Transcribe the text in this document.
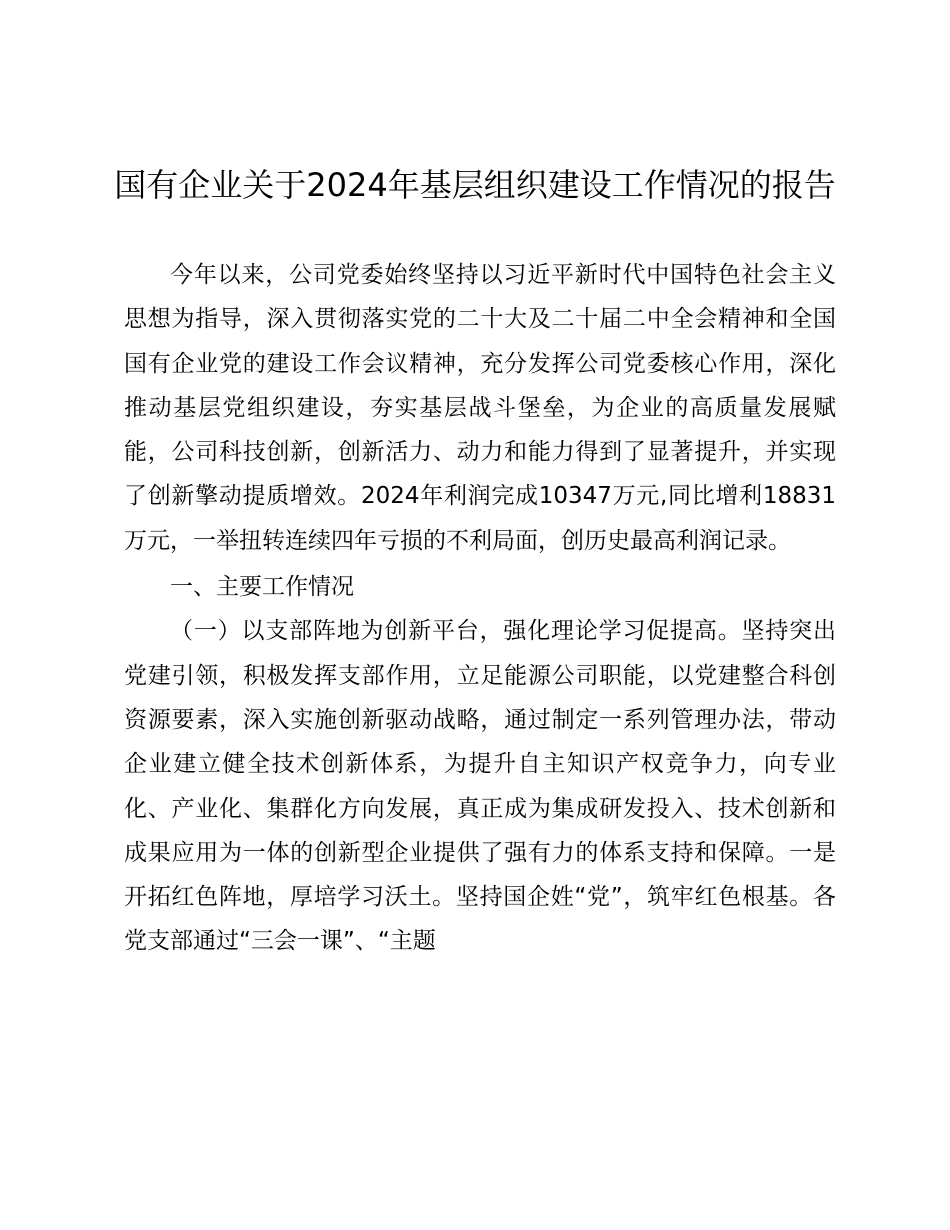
国有企业关于2024年基层组织建设工作情况的报告

今年以来，公司党委始终坚持以习近平新时代中国特色社会主义思想为指导，深入贯彻落实党的二十大及二十届二中全会精神和全国国有企业党的建设工作会议精神，充分发挥公司党委核心作用，深化推动基层党组织建设，夯实基层战斗堡垒，为企业的高质量发展赋能，公司科技创新，创新活力、动力和能力得到了显著提升，并实现了创新擎动提质增效。2024年利润完成10347万元,同比增利18831万元，一举扭转连续四年亏损的不利局面，创历史最高利润记录。

一、主要工作情况

（一）以支部阵地为创新平台，强化理论学习促提高。坚持突出党建引领，积极发挥支部作用，立足能源公司职能，以党建整合科创资源要素，深入实施创新驱动战略，通过制定一系列管理办法，带动企业建立健全技术创新体系，为提升自主知识产权竞争力，向专业化、产业化、集群化方向发展，真正成为集成研发投入、技术创新和成果应用为一体的创新型企业提供了强有力的体系支持和保障。一是开拓红色阵地，厚培学习沃土。坚持国企姓“党”，筑牢红色根基。各党支部通过“三会一课”、“主题
